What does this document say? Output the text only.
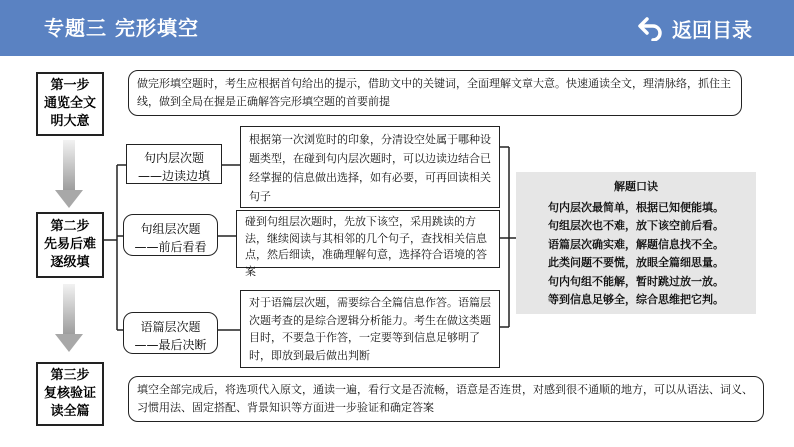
专题三 完形填空	返回目录
第一步
通览全文
明大意
做完形填空题时，考生应根据首句给出的提示，借助文中的关键词，全面理解文章大意。快速通读全文，理清脉络，抓住主线，做到全局在握是正确解答完形填空题的首要前提
第二步
先易后难
逐级填
句内层次题
——边读边填
根据第一次浏览时的印象，分清设空处属于哪种设题类型，在碰到句内层次题时，可以边读边结合已经掌握的信息做出选择，如有必要，可再回读相关句子
句组层次题
——前后看看
碰到句组层次题时，先放下该空，采用跳读的方法，继续阅读与其相邻的几个句子，查找相关信息点，然后细读，准确理解句意，选择符合语境的答案
语篇层次题
——最后决断
对于语篇层次题，需要综合全篇信息作答。语篇层次题考查的是综合逻辑分析能力。考生在做这类题目时，不要急于作答，一定要等到信息足够明了时，即放到最后做出判断
解题口诀
句内层次最简单，根据已知便能填。
句组层次也不难，放下该空前后看。
语篇层次确实难，解题信息找不全。
此类问题不要慌，放眼全篇细思量。
句内句组不能解，暂时跳过放一放。
等到信息足够全，综合思维把它判。
第三步
复核验证
读全篇
填空全部完成后，将选项代入原文，通读一遍，看行文是否流畅，语意是否连贯，对感到很不通顺的地方，可以从语法、词义、习惯用法、固定搭配、背景知识等方面进一步验证和确定答案
